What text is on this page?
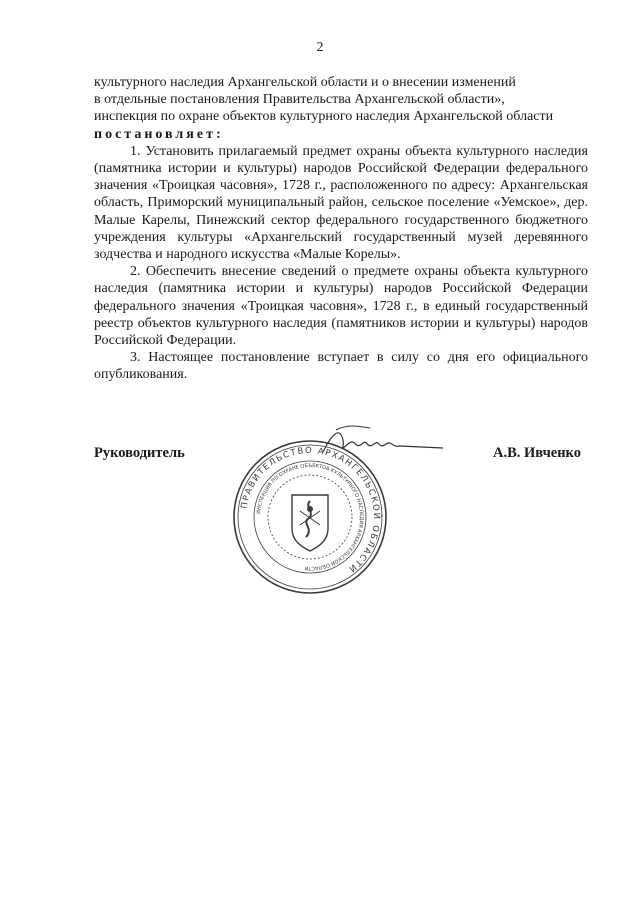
2

культурного наследия Архангельской области и о внесении изменений

в отдельные постановления Правительства Архангельской области»,

инспекция по охране объектов культурного наследия Архангельской области

постановляет:

1. Установить прилагаемый предмет охраны объекта культурного наследия (памятника истории и культуры) народов Российской Федерации федерального значения «Троицкая часовня», 1728 г., расположенного по адресу: Архангельская область, Приморский муниципальный район, сельское поселение «Уемское», дер. Малые Карелы, Пинежский сектор федерального государственного бюджетного учреждения культуры «Архангельский государственный музей деревянного зодчества и народного искусства «Малые Корелы».

2. Обеспечить внесение сведений о предмете охраны объекта культурного наследия (памятника истории и культуры) народов Российской Федерации федерального значения «Троицкая часовня», 1728 г., в единый государственный реестр объектов культурного наследия (памятников истории и культуры) народов Российской Федерации.

3. Настоящее постановление вступает в силу со дня его официального опубликования.

Руководитель	А.В. Ивченко
ПРАВИТЕЛЬСТВО АРХАНГЕЛЬСКОЙ ОБЛАСТИ
ИНСПЕКЦИЯ ПО ОХРАНЕ ОБЪЕКТОВ КУЛЬТУРНОГО НАСЛЕДИЯ АРХАНГЕЛЬСКОЙ ОБЛАСТИ
